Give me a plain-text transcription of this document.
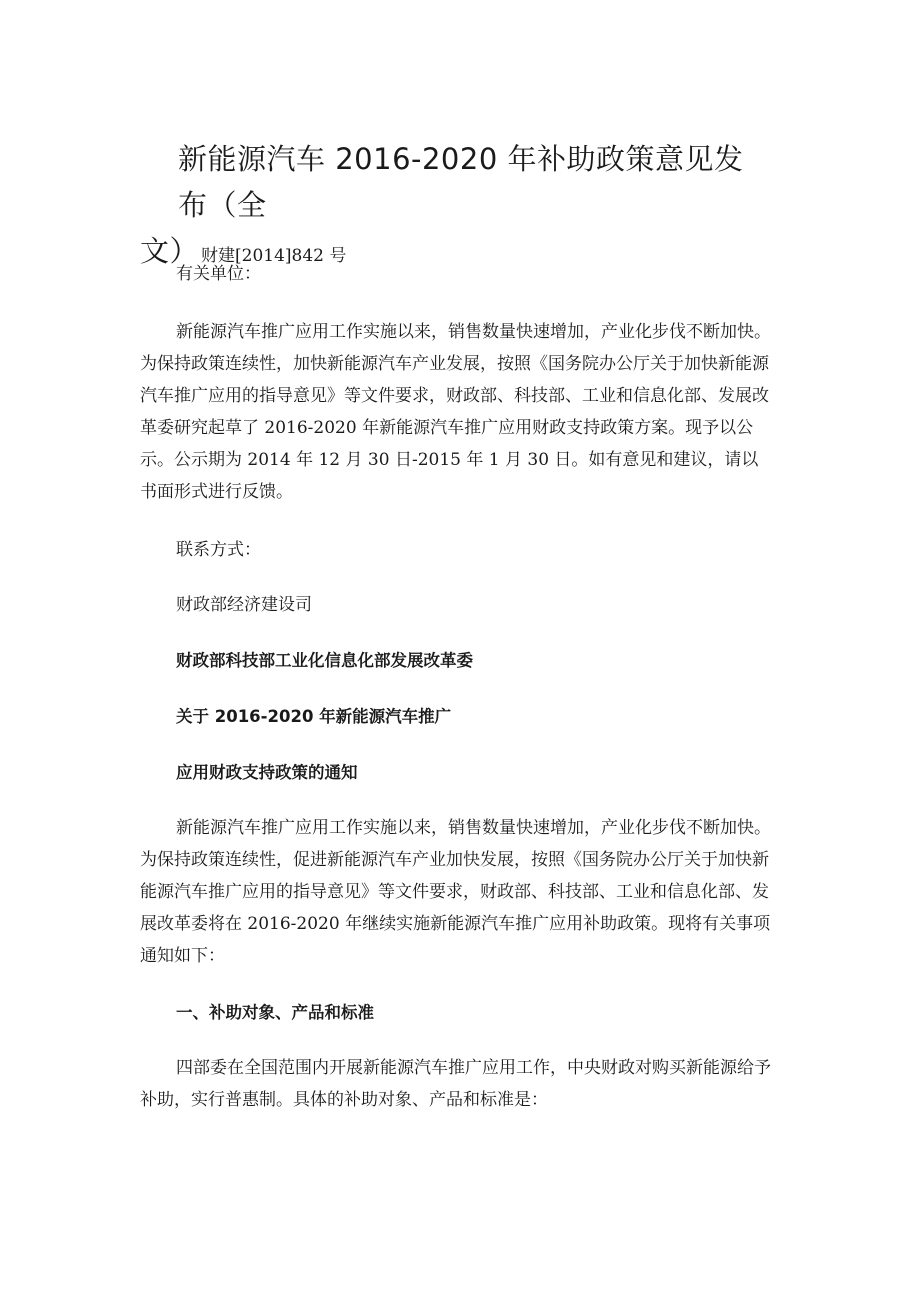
新能源汽车 2016-2020 年补助政策意见发布（全
文） 财建[2014]842 号

有关单位：

新能源汽车推广应用工作实施以来，销售数量快速增加，产业化步伐不断加快。为保持政策连续性，加快新能源汽车产业发展，按照《国务院办公厅关于加快新能源汽车推广应用的指导意见》等文件要求，财政部、科技部、工业和信息化部、发展改革委研究起草了 2016-2020 年新能源汽车推广应用财政支持政策方案。现予以公示。公示期为 2014 年 12 月 30 日-2015 年 1 月 30 日。如有意见和建议，请以书面形式进行反馈。

联系方式：

财政部经济建设司

财政部科技部工业化信息化部发展改革委

关于 2016-2020 年新能源汽车推广

应用财政支持政策的通知

新能源汽车推广应用工作实施以来，销售数量快速增加，产业化步伐不断加快。为保持政策连续性，促进新能源汽车产业加快发展，按照《国务院办公厅关于加快新能源汽车推广应用的指导意见》等文件要求，财政部、科技部、工业和信息化部、发展改革委将在 2016-2020 年继续实施新能源汽车推广应用补助政策。现将有关事项通知如下：

一、补助对象、产品和标准

四部委在全国范围内开展新能源汽车推广应用工作，中央财政对购买新能源给予补助，实行普惠制。具体的补助对象、产品和标准是：
